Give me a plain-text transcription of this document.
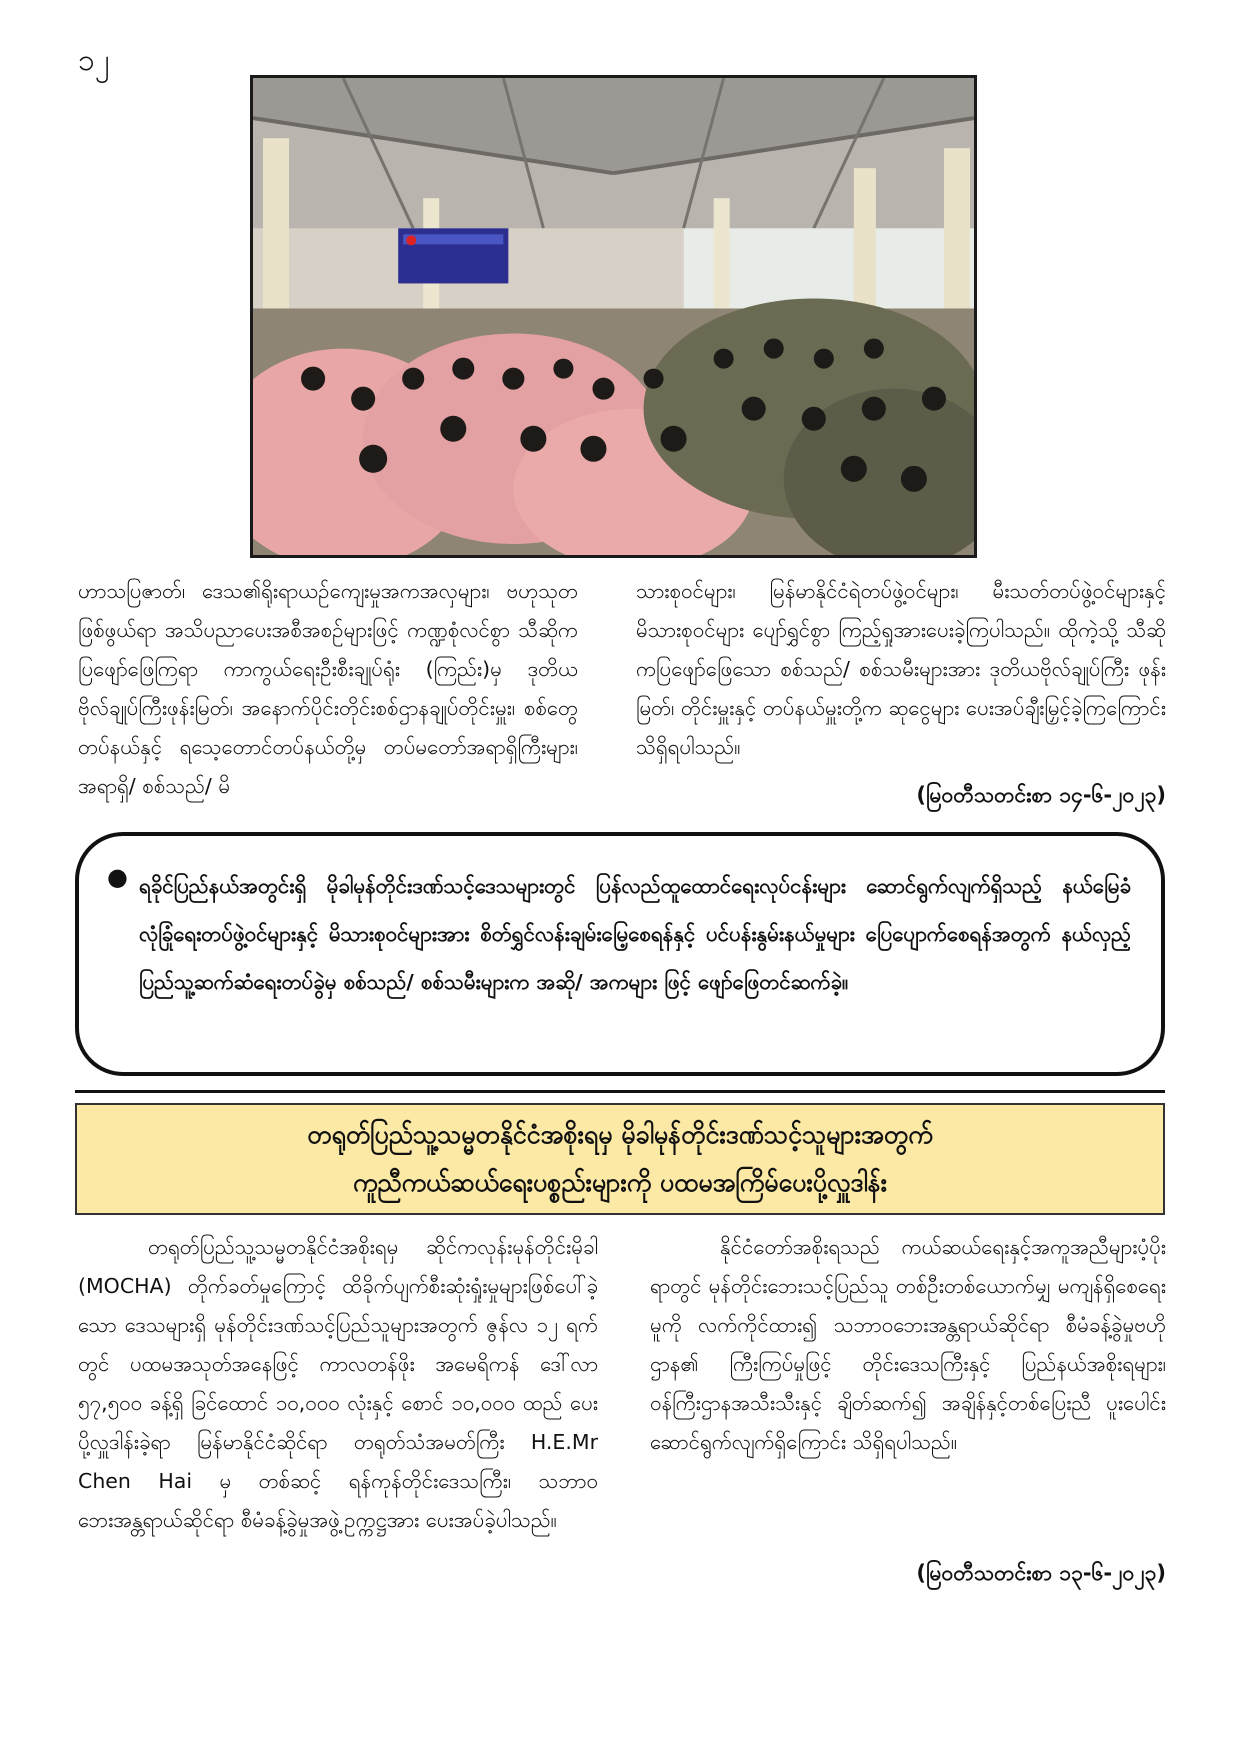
၁၂

ဟာသပြဇာတ်၊ ဒေသ၏ရိုးရာယဉ်ကျေးမှုအကအလှများ၊ ဗဟုသုတဖြစ်ဖွယ်ရာ အသိပညာပေးအစီအစဉ်များဖြင့် ကဏ္ဍစုံလင်စွာ သီဆိုကပြဖျော်ဖြေကြရာ ကာကွယ်ရေးဦးစီးချုပ်ရုံး (ကြည်း)မှ ဒုတိယဗိုလ်ချုပ်ကြီးဖုန်းမြတ်၊ အနောက်ပိုင်းတိုင်းစစ်ဌာနချုပ်တိုင်းမှူး၊ စစ်တွေတပ်နယ်နှင့် ရသေ့တောင်တပ်နယ်တို့မှ တပ်မတော်အရာရှိကြီးများ၊ အရာရှိ/ စစ်သည်/ မိ

သားစုဝင်များ၊ မြန်မာနိုင်ငံရဲတပ်ဖွဲ့ဝင်များ၊ မီးသတ်တပ်ဖွဲ့ဝင်များနှင့် မိသားစုဝင်များ ပျော်ရွှင်စွာ ကြည့်ရှုအားပေးခဲ့ကြပါသည်။ ထိုကဲ့သို့ သီဆိုကပြဖျော်ဖြေသော စစ်သည်/ စစ်သမီးများအား ဒုတိယဗိုလ်ချုပ်ကြီး ဖုန်းမြတ်၊ တိုင်းမှူးနှင့် တပ်နယ်မှူးတို့က ဆုငွေများ ပေးအပ်ချီးမြှင့်ခဲ့ကြကြောင်း သိရှိရပါသည်။

(မြဝတီသတင်းစာ ၁၄-၆-၂၀၂၃)
● ရခိုင်ပြည်နယ်အတွင်းရှိ မိုခါမုန်တိုင်းဒဏ်သင့်ဒေသများတွင် ပြန်လည်ထူထောင်ရေးလုပ်ငန်းများ ဆောင်ရွက်လျက်ရှိသည့် နယ်မြေခံလုံခြုံရေးတပ်ဖွဲ့ဝင်များနှင့် မိသားစုဝင်များအား စိတ်ရွှင်လန်းချမ်းမြေ့စေရန်နှင့် ပင်ပန်းနွမ်းနယ်မှုများ ပြေပျောက်စေရန်အတွက် နယ်လှည့်ပြည်သူ့ဆက်ဆံရေးတပ်ခွဲမှ စစ်သည်/ စစ်သမီးများက အဆို/ အကများ ဖြင့် ဖျော်ဖြေတင်ဆက်ခဲ့။
တရုတ်ပြည်သူ့သမ္မတနိုင်ငံအစိုးရမှ မိုခါမုန်တိုင်းဒဏ်သင့်သူများအတွက်
ကူညီကယ်ဆယ်ရေးပစ္စည်းများကို ပထမအကြိမ်ပေးပို့လှူဒါန်း

တရုတ်ပြည်သူ့သမ္မတနိုင်ငံအစိုးရမှ ဆိုင်ကလုန်းမုန်တိုင်းမိုခါ (MOCHA) တိုက်ခတ်မှုကြောင့် ထိခိုက်ပျက်စီးဆုံးရှုံးမှုများဖြစ်ပေါ်ခဲ့သော ဒေသများရှိ မုန်တိုင်းဒဏ်သင့်ပြည်သူများအတွက် ဇွန်လ ၁၂ ရက်တွင် ပထမအသုတ်အနေဖြင့် ကာလတန်ဖိုး အမေရိကန် ဒေါ်လာ ၅၇,၅၀၀ ခန့်ရှိ ခြင်ထောင် ၁၀,၀၀၀ လုံးနှင့် စောင် ၁၀,၀၀၀ ထည် ပေးပို့လှူဒါန်းခဲ့ရာ မြန်မာနိုင်ငံဆိုင်ရာ တရုတ်သံအမတ်ကြီး H.E.Mr Chen Hai မှ တစ်ဆင့် ရန်ကုန်တိုင်းဒေသကြီး၊ သဘာဝဘေးအန္တရာယ်ဆိုင်ရာ စီမံခန့်ခွဲမှုအဖွဲ့ဥက္ကဋ္ဌအား ပေးအပ်ခဲ့ပါသည်။

နိုင်ငံတော်အစိုးရသည် ကယ်ဆယ်ရေးနှင့်အကူအညီများပံ့ပိုးရာတွင် မုန်တိုင်းဘေးသင့်ပြည်သူ တစ်ဦးတစ်ယောက်မျှ မကျန်ရှိစေရေးမူကို လက်ကိုင်ထား၍ သဘာဝဘေးအန္တရာယ်ဆိုင်ရာ စီမံခန့်ခွဲမှုဗဟိုဌာန၏ ကြီးကြပ်မှုဖြင့် တိုင်းဒေသကြီးနှင့် ပြည်နယ်အစိုးရများ၊ ဝန်ကြီးဌာနအသီးသီးနှင့် ချိတ်ဆက်၍ အချိန်နှင့်တစ်ပြေးညီ ပူးပေါင်းဆောင်ရွက်လျက်ရှိကြောင်း သိရှိရပါသည်။

(မြဝတီသတင်းစာ ၁၃-၆-၂၀၂၃)
